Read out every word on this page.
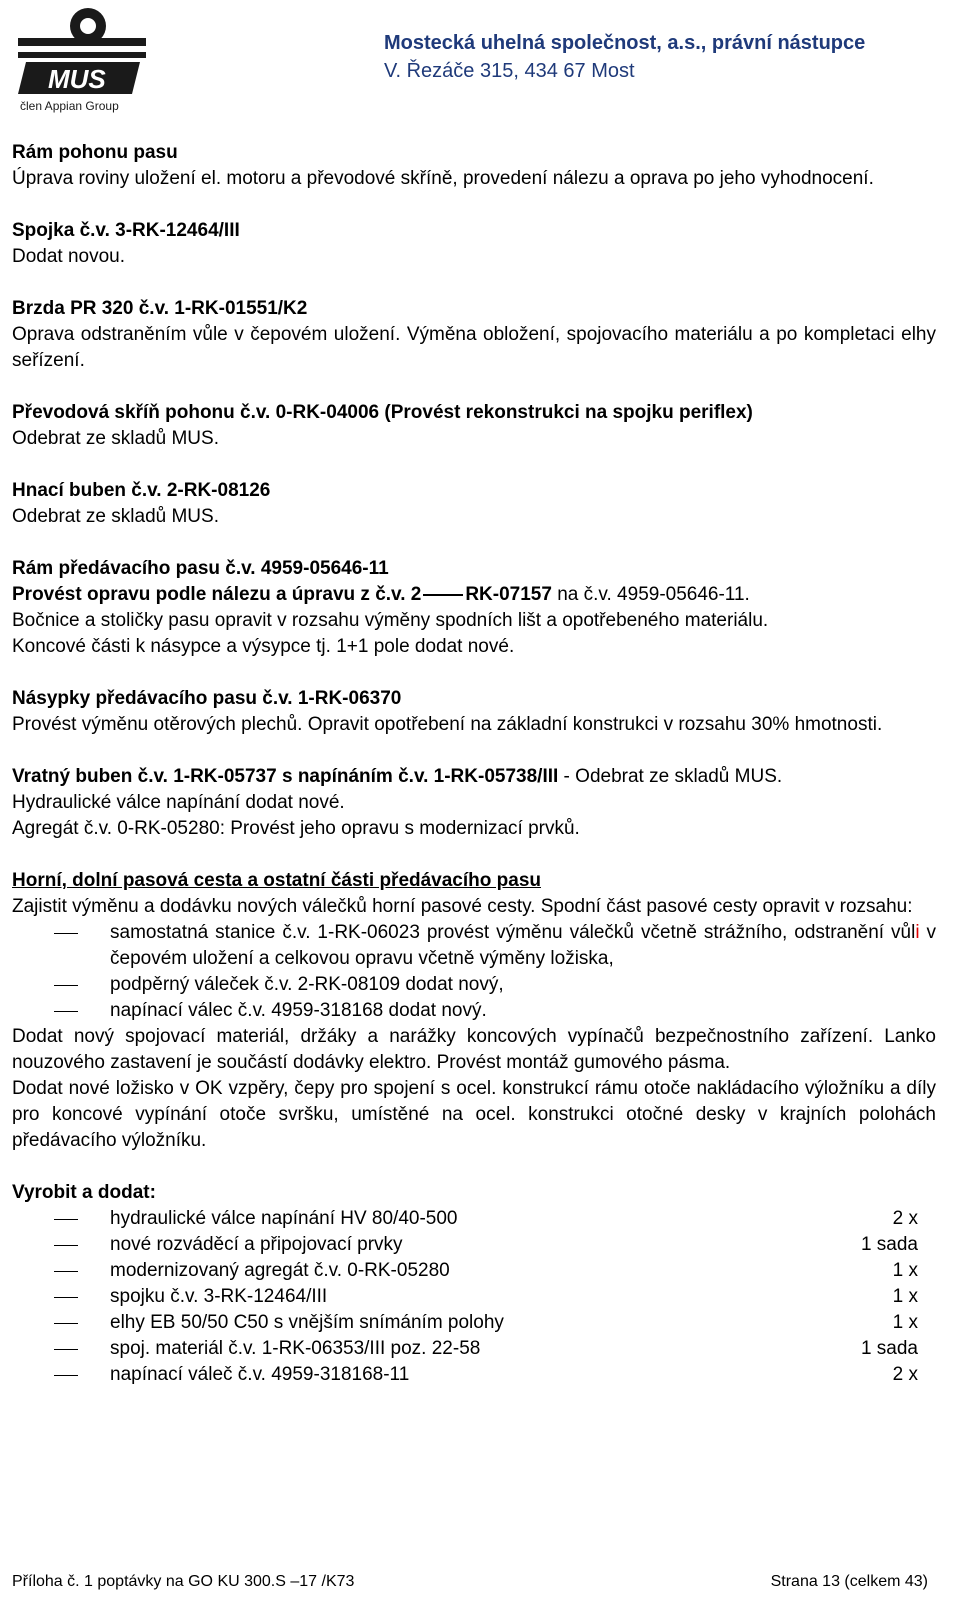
MUS
člen Appian Group
Mostecká uhelná společnost, a.s., právní nástupce
V. Řezáče 315, 434 67 Most

Rám pohonu pasu

Úprava roviny uložení el. motoru a převodové skříně, provedení nálezu a oprava po jeho vyhodnocení.

Spojka č.v. 3-RK-12464/III

Dodat novou.

Brzda PR 320 č.v. 1-RK-01551/K2

Oprava odstraněním vůle v čepovém uložení. Výměna obložení, spojovacího materiálu a po kompletaci elhy seřízení.

Převodová skříň pohonu č.v. 0-RK-04006 (Provést rekonstrukci na spojku periflex)

Odebrat ze skladů MUS.

Hnací buben č.v. 2-RK-08126

Odebrat ze skladů MUS.

Rám předávacího pasu č.v. 4959-05646-11

Provést opravu podle nálezu a úpravu z č.v. 2 RK-07157 na č.v. 4959-05646-11.

Bočnice a stoličky pasu opravit v rozsahu výměny spodních lišt a opotřebeného materiálu.

Koncové části k násypce a výsypce tj. 1+1 pole dodat nové.

Násypky předávacího pasu č.v. 1-RK-06370

Provést výměnu otěrových plechů. Opravit opotřebení na základní konstrukci v rozsahu 30% hmotnosti.

Vratný buben č.v. 1-RK-05737 s napínáním č.v. 1-RK-05738/III - Odebrat ze skladů MUS.

Hydraulické válce napínání dodat nové.

Agregát č.v. 0-RK-05280: Provést jeho opravu s modernizací prvků.

Horní, dolní pasová cesta a ostatní části předávacího pasu

Zajistit výměnu a dodávku nových válečků horní pasové cesty. Spodní část pasové cesty opravit v rozsahu:

samostatná stanice č.v. 1-RK-06023 provést výměnu válečků včetně strážního, odstranění vůli v čepovém uložení a celkovou opravu včetně výměny ložiska,
podpěrný váleček č.v. 2-RK-08109 dodat nový,
napínací válec č.v. 4959-318168 dodat nový.

Dodat nový spojovací materiál, držáky a narážky koncových vypínačů bezpečnostního zařízení. Lanko nouzového zastavení je součástí dodávky elektro. Provést montáž gumového pásma.

Dodat nové ložisko v OK vzpěry, čepy pro spojení s ocel. konstrukcí rámu otoče nakládacího výložníku a díly pro koncové vypínání otoče svršku, umístěné na ocel. konstrukci otočné desky v krajních polohách předávacího výložníku.

Vyrobit a dodat:

hydraulické válce napínání HV 80/40-500	2 x
nové rozváděcí a připojovací prvky	1 sada
modernizovaný agregát č.v. 0-RK-05280	1 x
spojku č.v. 3-RK-12464/III	1 x
elhy EB 50/50 C50 s vnějším snímáním polohy	1 x
spoj. materiál č.v. 1-RK-06353/III poz. 22-58	1 sada
napínací váleč č.v. 4959-318168-11	2 x
Příloha č. 1 poptávky na GO KU 300.S –17 /K73	Strana 13 (celkem 43)
